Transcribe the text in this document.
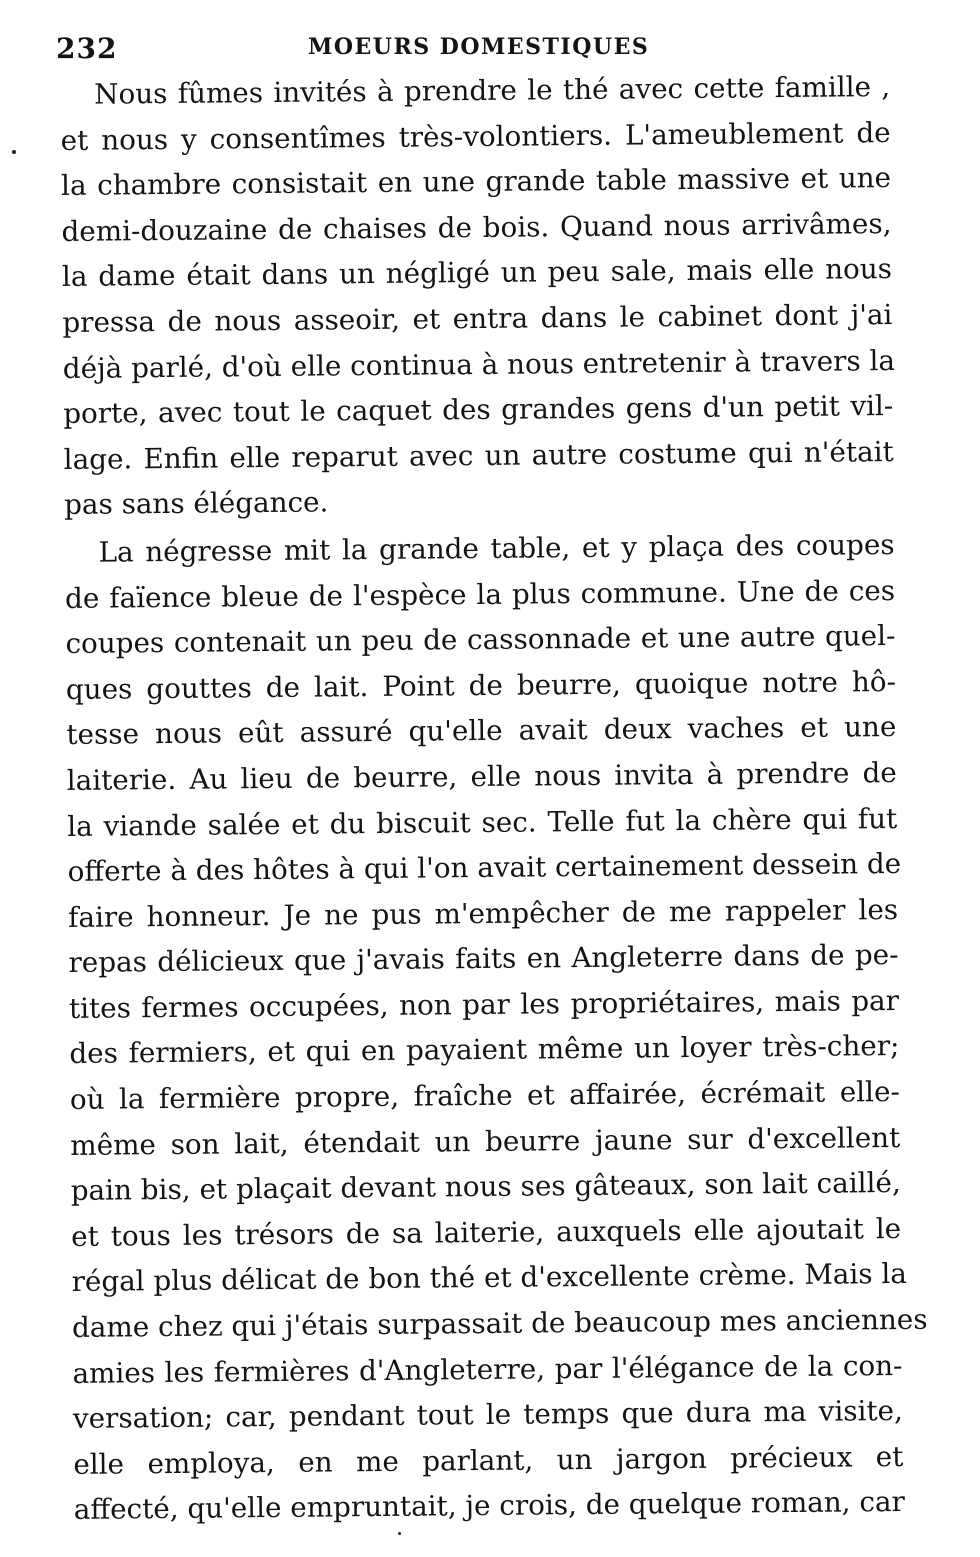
232	MOEURS DOMESTIQUES
Nous fûmes invités à prendre le thé avec cette famille ,
et nous y consentîmes très-volontiers. L'ameublement de
la chambre consistait en une grande table massive et une
demi-douzaine de chaises de bois. Quand nous arrivâmes,
la dame était dans un négligé un peu sale, mais elle nous
pressa de nous asseoir, et entra dans le cabinet dont j'ai
déjà parlé, d'où elle continua à nous entretenir à travers la
porte, avec tout le caquet des grandes gens d'un petit vil-
lage. Enfin elle reparut avec un autre costume qui n'était
pas sans élégance.
La négresse mit la grande table, et y plaça des coupes
de faïence bleue de l'espèce la plus commune. Une de ces
coupes contenait un peu de cassonnade et une autre quel-
ques gouttes de lait. Point de beurre, quoique notre hô-
tesse nous eût assuré qu'elle avait deux vaches et une
laiterie. Au lieu de beurre, elle nous invita à prendre de
la viande salée et du biscuit sec. Telle fut la chère qui fut
offerte à des hôtes à qui l'on avait certainement dessein de
faire honneur. Je ne pus m'empêcher de me rappeler les
repas délicieux que j'avais faits en Angleterre dans de pe-
tites fermes occupées, non par les propriétaires, mais par
des fermiers, et qui en payaient même un loyer très-cher;
où la fermière propre, fraîche et affairée, écrémait elle-
même son lait, étendait un beurre jaune sur d'excellent
pain bis, et plaçait devant nous ses gâteaux, son lait caillé,
et tous les trésors de sa laiterie, auxquels elle ajoutait le
régal plus délicat de bon thé et d'excellente crème. Mais la
dame chez qui j'étais surpassait de beaucoup mes anciennes
amies les fermières d'Angleterre, par l'élégance de la con-
versation; car, pendant tout le temps que dura ma visite,
elle employa, en me parlant, un jargon précieux et
affecté, qu'elle empruntait, je crois, de quelque roman, car
